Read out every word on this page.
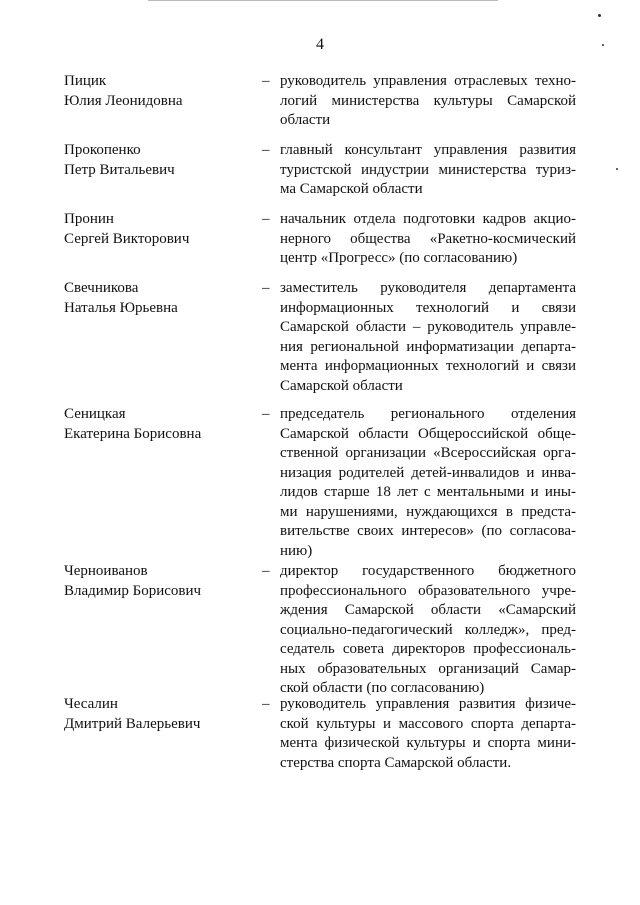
4
Пицик
Юлия Леонидовна
– руководитель управления отраслевых техно-
логий министерства культуры Самарской
области
Прокопенко
Петр Витальевич
– главный консультант управления развития
туристской индустрии министерства туриз-
ма Самарской области
Пронин
Сергей Викторович
– начальник отдела подготовки кадров акцио-
нерного общества «Ракетно-космический
центр «Прогресс» (по согласованию)
Свечникова
Наталья Юрьевна
– заместитель руководителя департамента
информационных технологий и связи
Самарской области – руководитель управле-
ния региональной информатизации департа-
мента информационных технологий и связи
Самарской области
Сеницкая
Екатерина Борисовна
– председатель регионального отделения
Самарской области Общероссийской обще-
ственной организации «Всероссийская орга-
низация родителей детей-инвалидов и инва-
лидов старше 18 лет с ментальными и ины-
ми нарушениями, нуждающихся в предста-
вительстве своих интересов» (по согласова-
нию)
Черноиванов
Владимир Борисович
– директор государственного бюджетного
профессионального образовательного учре-
ждения Самарской области «Самарский
социально-педагогический колледж», пред-
седатель совета директоров профессиональ-
ных образовательных организаций Самар-
ской области (по согласованию)
Чесалин
Дмитрий Валерьевич
– руководитель управления развития физиче-
ской культуры и массового спорта департа-
мента физической культуры и спорта мини-
стерства спорта Самарской области.
